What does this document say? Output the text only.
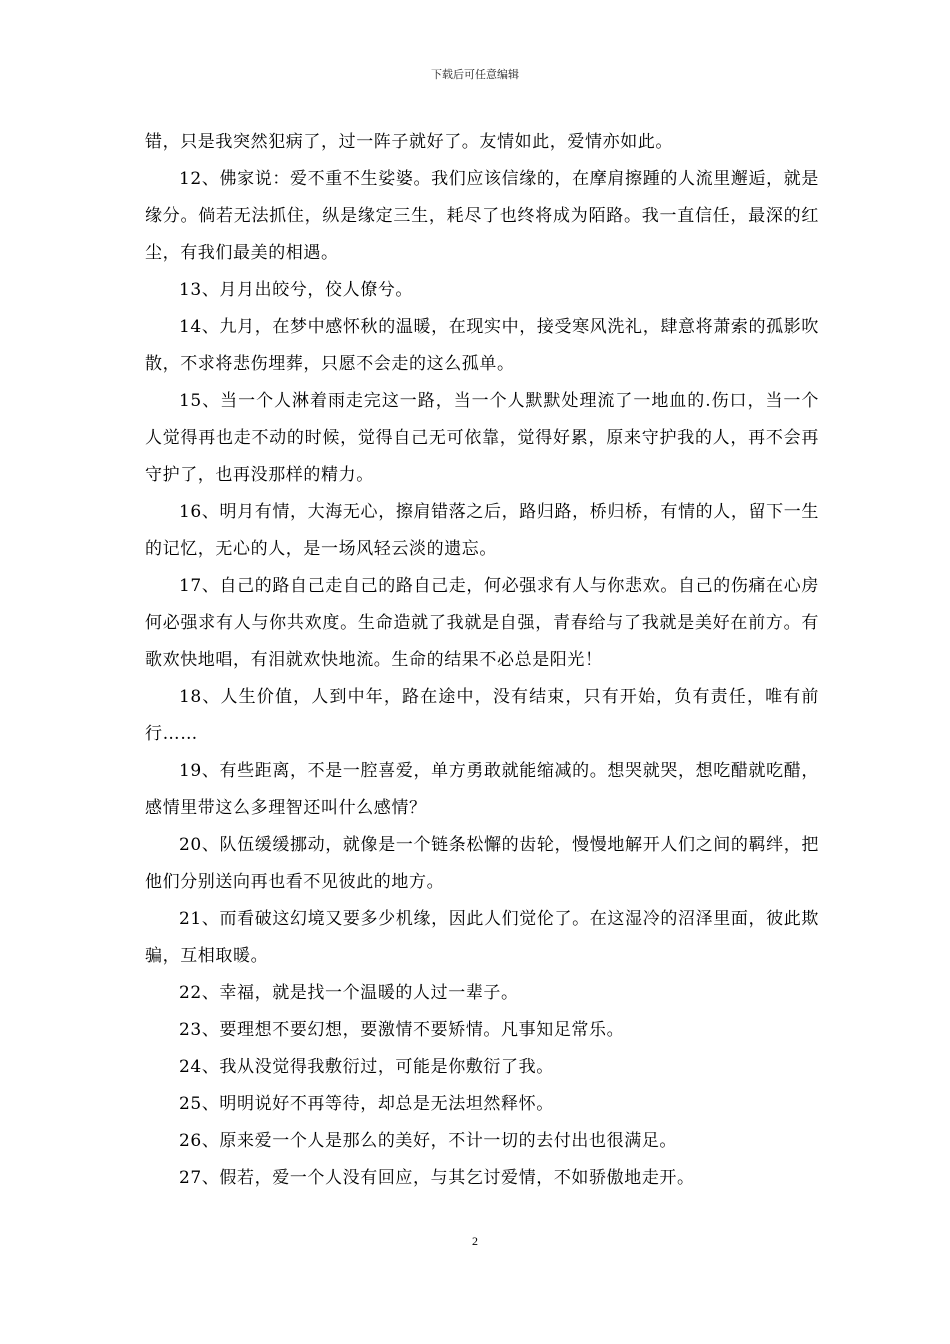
下载后可任意编辑

错，只是我突然犯病了，过一阵子就好了。友情如此，爱情亦如此。

12、佛家说：爱不重不生娑婆。我们应该信缘的，在摩肩擦踵的人流里邂逅，就是缘分。倘若无法抓住，纵是缘定三生，耗尽了也终将成为陌路。我一直信任，最深的红尘，有我们最美的相遇。

13、月月出皎兮，佼人僚兮。

14、九月，在梦中感怀秋的温暖，在现实中，接受寒风洗礼，肆意将萧索的孤影吹散，不求将悲伤埋葬，只愿不会走的这么孤单。

15、当一个人淋着雨走完这一路，当一个人默默处理流了一地血的.伤口，当一个人觉得再也走不动的时候，觉得自己无可依靠，觉得好累，原来守护我的人，再不会再守护了，也再没那样的精力。

16、明月有情，大海无心，擦肩错落之后，路归路，桥归桥，有情的人，留下一生的记忆，无心的人，是一场风轻云淡的遗忘。

17、自己的路自己走自己的路自己走，何必强求有人与你悲欢。自己的伤痛在心房何必强求有人与你共欢度。生命造就了我就是自强，青春给与了我就是美好在前方。有歌欢快地唱，有泪就欢快地流。生命的结果不必总是阳光！

18、人生价值，人到中年，路在途中，没有结束，只有开始，负有责任，唯有前行……

19、有些距离，不是一腔喜爱，单方勇敢就能缩减的。想哭就哭，想吃醋就吃醋，感情里带这么多理智还叫什么感情？

20、队伍缓缓挪动，就像是一个链条松懈的齿轮，慢慢地解开人们之间的羁绊，把他们分别送向再也看不见彼此的地方。

21、而看破这幻境又要多少机缘，因此人们觉伦了。在这湿冷的沼泽里面，彼此欺骗，互相取暖。

22、幸福，就是找一个温暖的人过一辈子。

23、要理想不要幻想，要激情不要矫情。凡事知足常乐。

24、我从没觉得我敷衍过，可能是你敷衍了我。

25、明明说好不再等待，却总是无法坦然释怀。

26、原来爱一个人是那么的美好，不计一切的去付出也很满足。

27、假若，爱一个人没有回应，与其乞讨爱情，不如骄傲地走开。

2
